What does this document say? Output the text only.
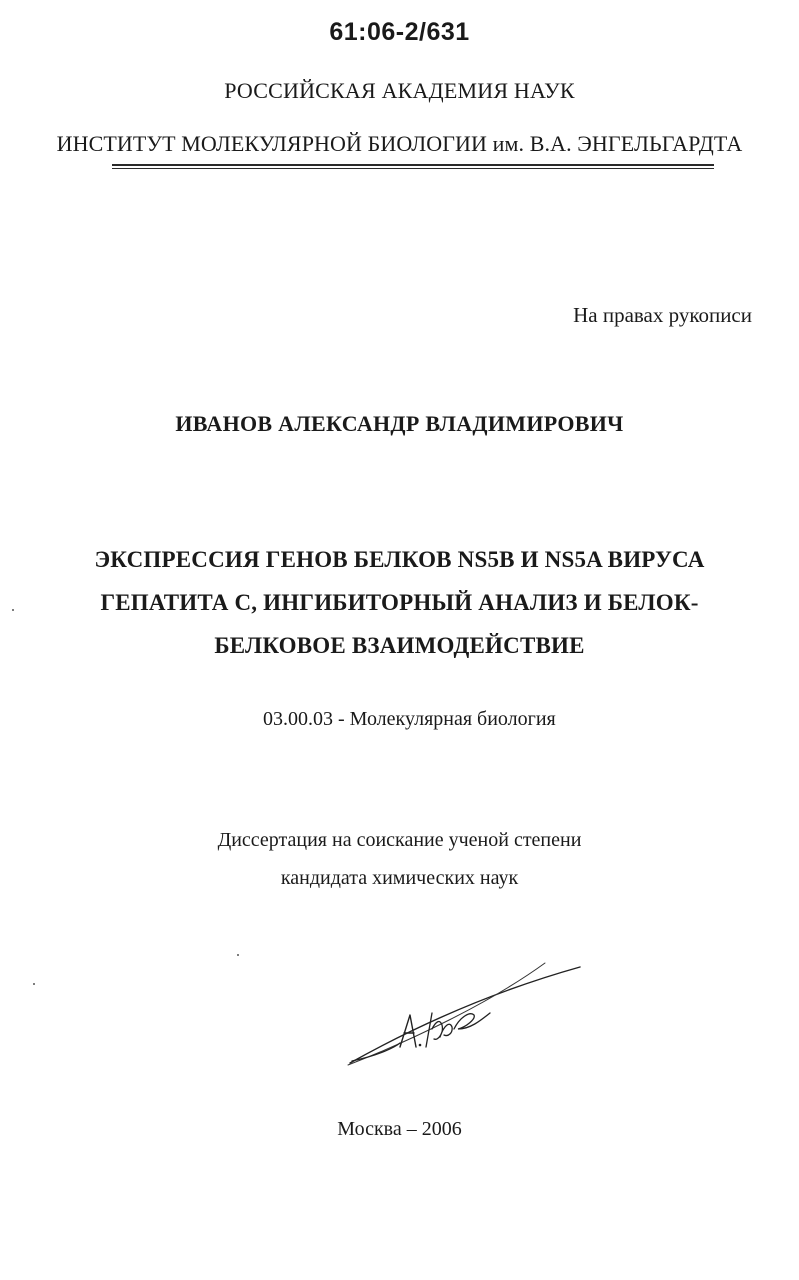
61:06-2/631
РОССИЙСКАЯ АКАДЕМИЯ НАУК
ИНСТИТУТ МОЛЕКУЛЯРНОЙ БИОЛОГИИ им. В.А. ЭНГЕЛЬГАРДТА
На правах рукописи
ИВАНОВ АЛЕКСАНДР ВЛАДИМИРОВИЧ
ЭКСПРЕССИЯ ГЕНОВ БЕЛКОВ NS5B И NS5A ВИРУСА
ГЕПАТИТА С, ИНГИБИТОРНЫЙ АНАЛИЗ И БЕЛОК-
БЕЛКОВОЕ ВЗАИМОДЕЙСТВИЕ
03.00.03 - Молекулярная биология
Диссертация на соискание ученой степени
кандидата химических наук
Москва – 2006
